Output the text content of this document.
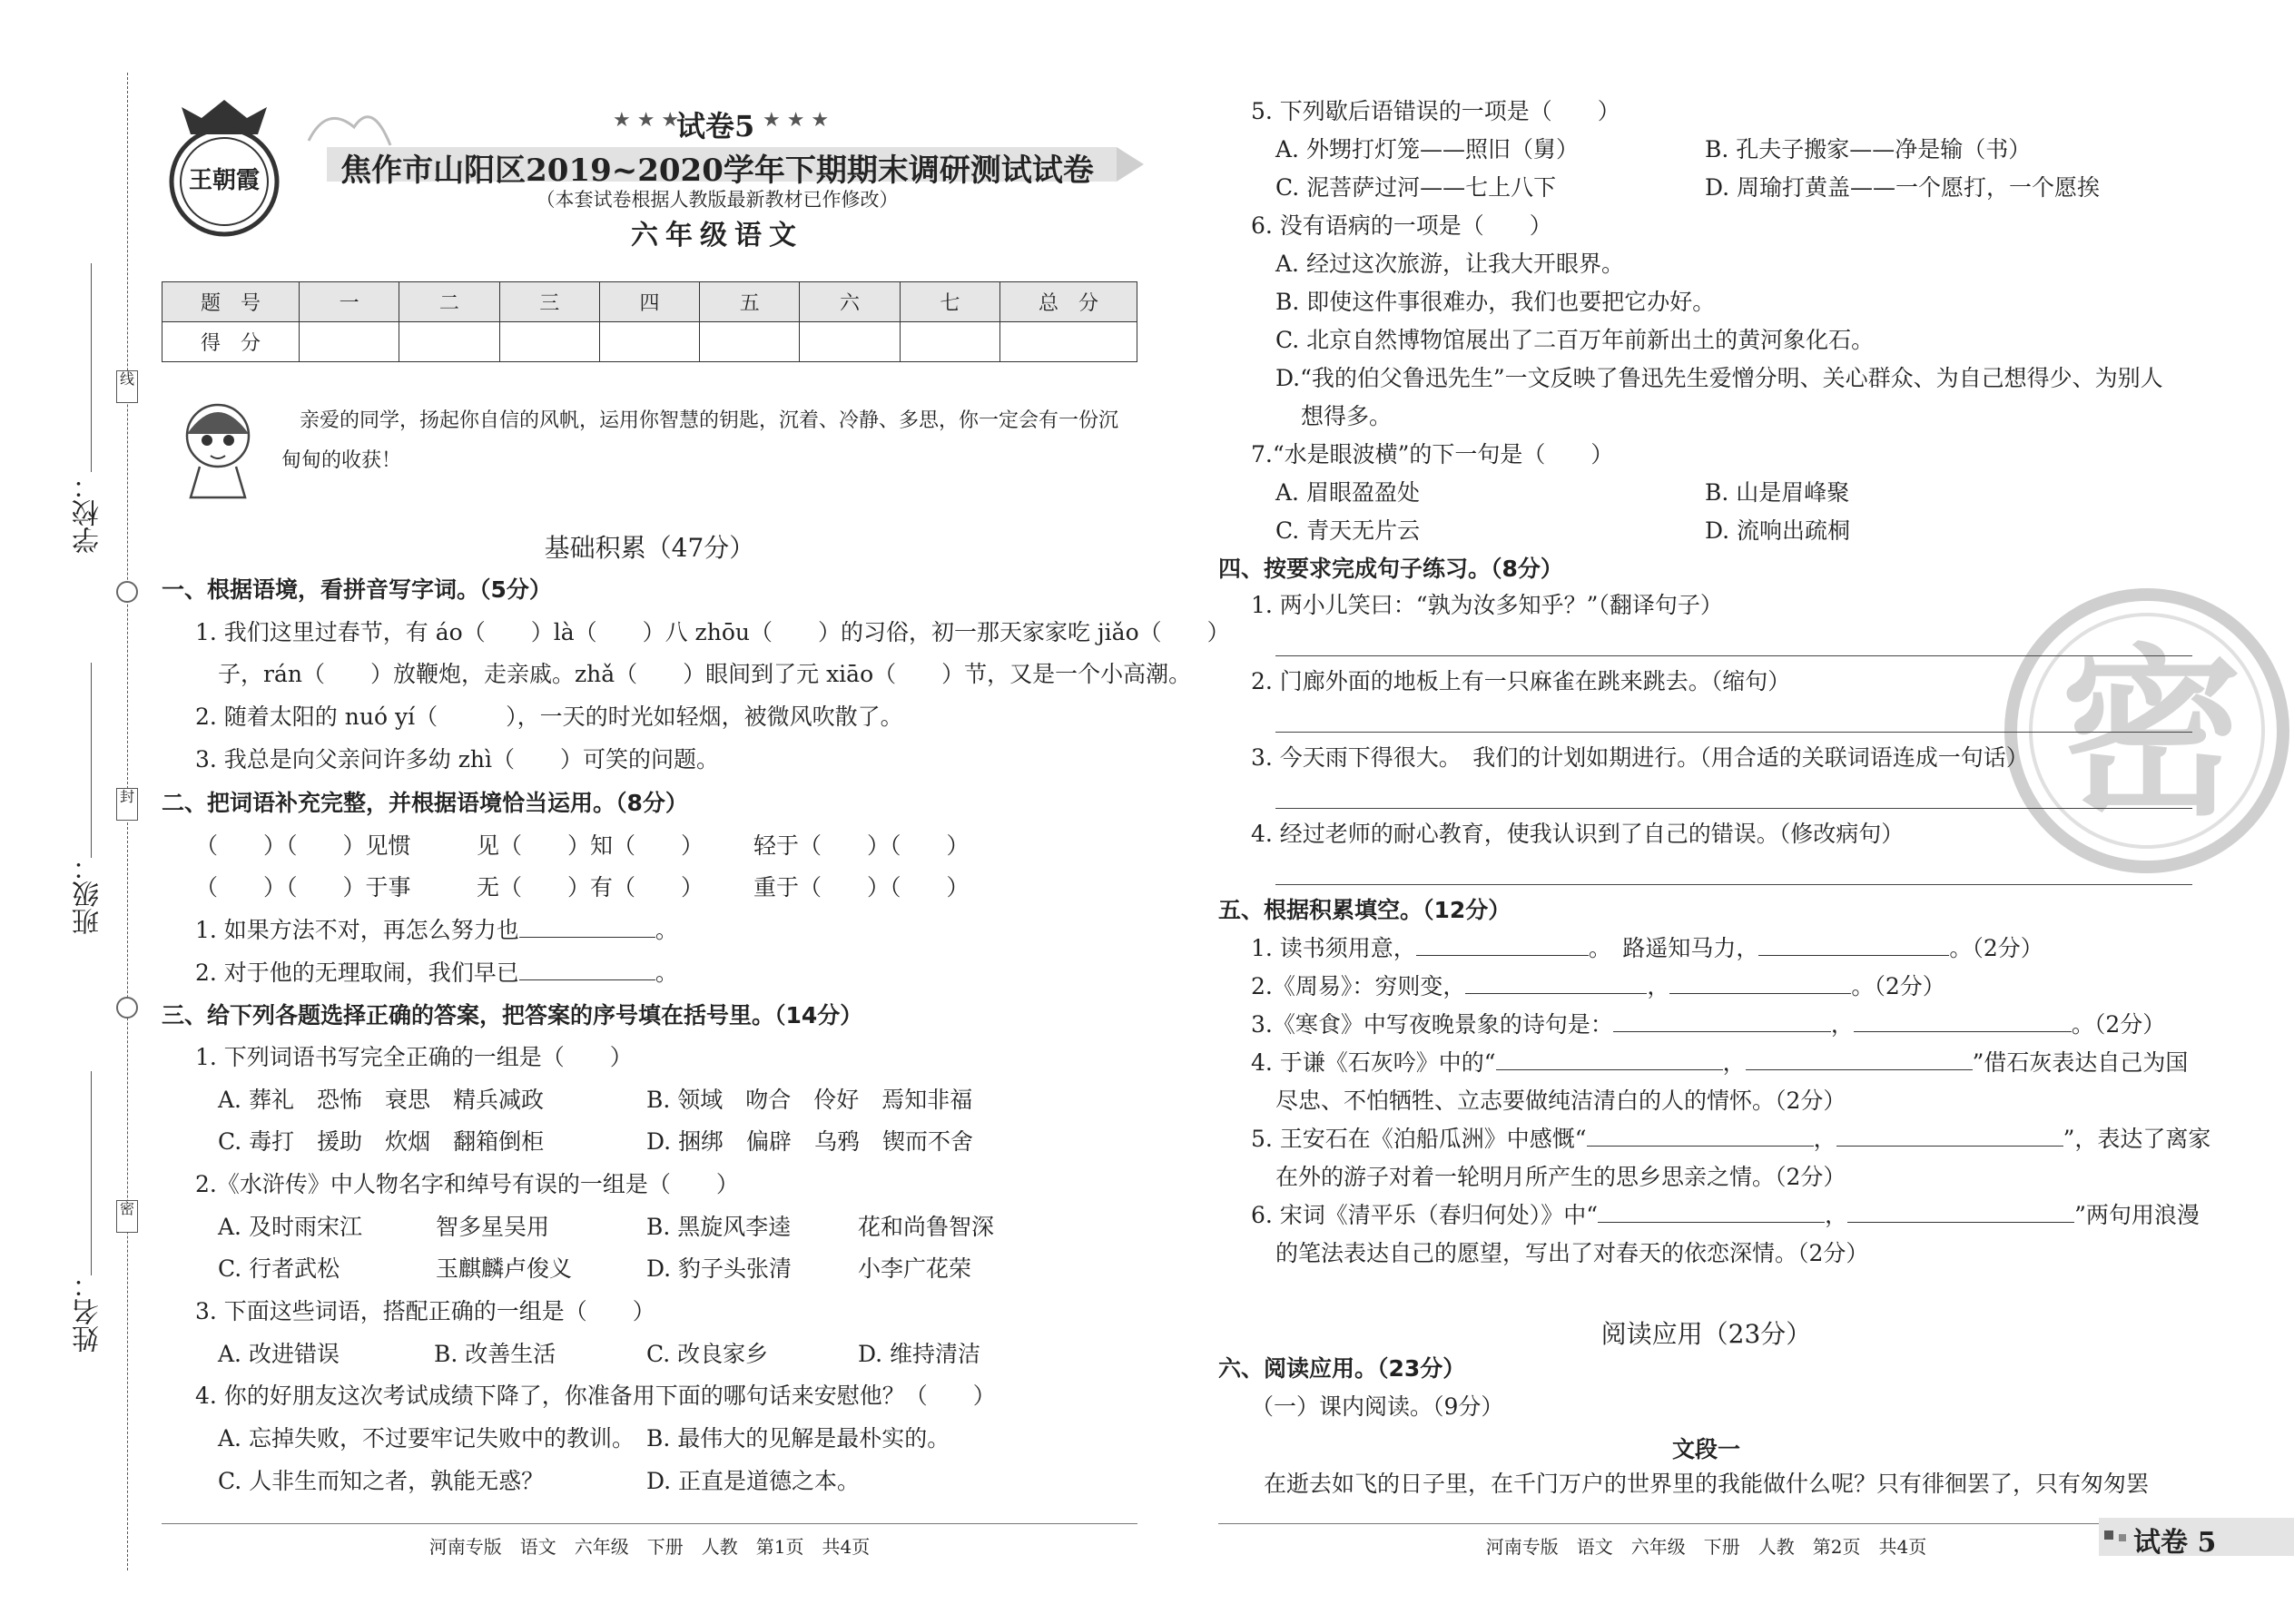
线
封
密
学校：
班级：
姓名：
王朝霞
★ ★ ★
试卷5 ★ ★ ★
焦作市山阳区2019~2020学年下期期末调研测试试卷
（本套试卷根据人教版最新教材已作修改）
六年级语文
题　号	一	二	三	四	五	六	七	总　分
得　分								
亲爱的同学，扬起你自信的风帆，运用你智慧的钥匙，沉着、冷静、多思，你一定会有一份沉
甸甸的收获！
基础积累（47分）
一、根据语境，看拼音写字词。（5分）
1. 我们这里过春节，有 áo（　　）là（　　）八 zhōu（　　）的习俗，初一那天家家吃 jiǎo（　　）
子，rán（　　）放鞭炮，走亲戚。zhǎ（　　）眼间到了元 xiāo（　　）节，又是一个小高潮。
2. 随着太阳的 nuó yí（　　　），一天的时光如轻烟，被微风吹散了。
3. 我总是向父亲问许多幼 zhì（　　）可笑的问题。
二、把词语补充完整，并根据语境恰当运用。（8分）
（　　）（　　）见惯	见（　　）知（　　） 轻于（　　）（　　）
（　　）（　　）于事	无（　　）有（　　） 重于（　　）（　　）
1. 如果方法不对，再怎么努力也	。
2. 对于他的无理取闹，我们早已	。
三、给下列各题选择正确的答案，把答案的序号填在括号里。（14分）
1. 下列词语书写完全正确的一组是（　　）
A. 葬礼　恐怖　衰思　精兵减政	B. 领域　吻合　伶好　焉知非福
C. 毒打　援助　炊烟　翻箱倒柜	D. 捆绑　偏辟　乌鸦　锲而不舍
2.《水浒传》中人物名字和绰号有误的一组是（　　）
A. 及时雨宋江	智多星吴用	B. 黑旋风李逵	花和尚鲁智深
C. 行者武松	玉麒麟卢俊义	D. 豹子头张清	小李广花荣
3. 下面这些词语，搭配正确的一组是（　　）
A. 改进错误	B. 改善生活	C. 改良家乡	D. 维持清洁
4. 你的好朋友这次考试成绩下降了，你准备用下面的哪句话来安慰他？（　　）
A. 忘掉失败，不过要牢记失败中的教训。 B. 最伟大的见解是最朴实的。
C. 人非生而知之者，孰能无惑？	D. 正直是道德之本。
河南专版　语文　六年级　下册　人教　第1页　共4页
密
5. 下列歇后语错误的一项是（　　）
A. 外甥打灯笼——照旧（舅）	B. 孔夫子搬家——净是输（书）
C. 泥菩萨过河——七上八下	D. 周瑜打黄盖——一个愿打，一个愿挨
6. 没有语病的一项是（　　）
A. 经过这次旅游，让我大开眼界。
B. 即使这件事很难办，我们也要把它办好。
C. 北京自然博物馆展出了二百万年前新出土的黄河象化石。
D.“我的伯父鲁迅先生”一文反映了鲁迅先生爱憎分明、关心群众、为自己想得少、为别人
想得多。
7.“水是眼波横”的下一句是（　　）
A. 眉眼盈盈处	B. 山是眉峰聚
C. 青天无片云	D. 流响出疏桐
四、按要求完成句子练习。（8分）
1. 两小儿笑曰：“孰为汝多知乎？”（翻译句子）
2. 门廊外面的地板上有一只麻雀在跳来跳去。（缩句）
3. 今天雨下得很大。　我们的计划如期进行。（用合适的关联词语连成一句话）
4. 经过老师的耐心教育，使我认识到了自己的错误。（修改病句）
五、根据积累填空。（12分）
1. 读书须用意，	。　路遥知马力，	。（2分）
2.《周易》：穷则变，	，	。（2分）
3.《寒食》中写夜晚景象的诗句是：	，	。（2分）
4. 于谦《石灰吟》中的“	，	”借石灰表达自己为国
尽忠、不怕牺牲、立志要做纯洁清白的人的情怀。（2分）
5. 王安石在《泊船瓜洲》中感慨“	，	”，表达了离家
在外的游子对着一轮明月所产生的思乡思亲之情。（2分）
6. 宋词《清平乐（春归何处）》中“	，	”两句用浪漫
的笔法表达自己的愿望，写出了对春天的依恋深情。（2分）
阅读应用（23分）
六、阅读应用。（23分）
（一）课内阅读。（9分）
文段一
在逝去如飞的日子里，在千门万户的世界里的我能做什么呢？只有徘徊罢了，只有匆匆罢
河南专版　语文　六年级　下册　人教　第2页　共4页	试卷 5
